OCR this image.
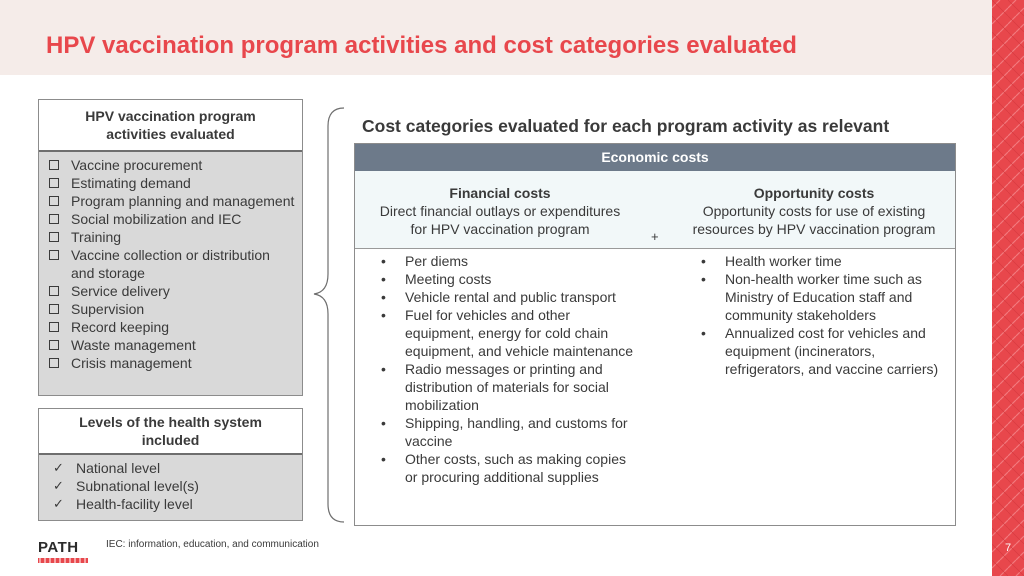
HPV vaccination program activities and cost categories evaluated
7
HPV vaccination program
activities evaluated
Vaccine procurement
Estimating demand
Program planning and management
Social mobilization and IEC
Training
Vaccine collection or distribution and storage
Service delivery
Supervision
Record keeping
Waste management
Crisis management
Levels of the health system
included
✓ National level
✓ Subnational level(s)
✓ Health-facility level
Cost categories evaluated for each program activity as relevant
Economic costs
Financial costs
Direct financial outlays or expenditures
for HPV vaccination program	+
Opportunity costs
Opportunity costs for use of existing
resources by HPV vaccination program
• Per diems
• Meeting costs
• Vehicle rental and public transport
• Fuel for vehicles and other equipment, energy for cold chain equipment, and vehicle maintenance
• Radio messages or printing and distribution of materials for social mobilization
• Shipping, handling, and customs for vaccine
• Other costs, such as making copies or procuring additional supplies
• Health worker time
• Non-health worker time such as Ministry of Education staff and community stakeholders
• Annualized cost for vehicles and equipment (incinerators, refrigerators, and vaccine carriers)
PATH	IEC: information, education, and communication
